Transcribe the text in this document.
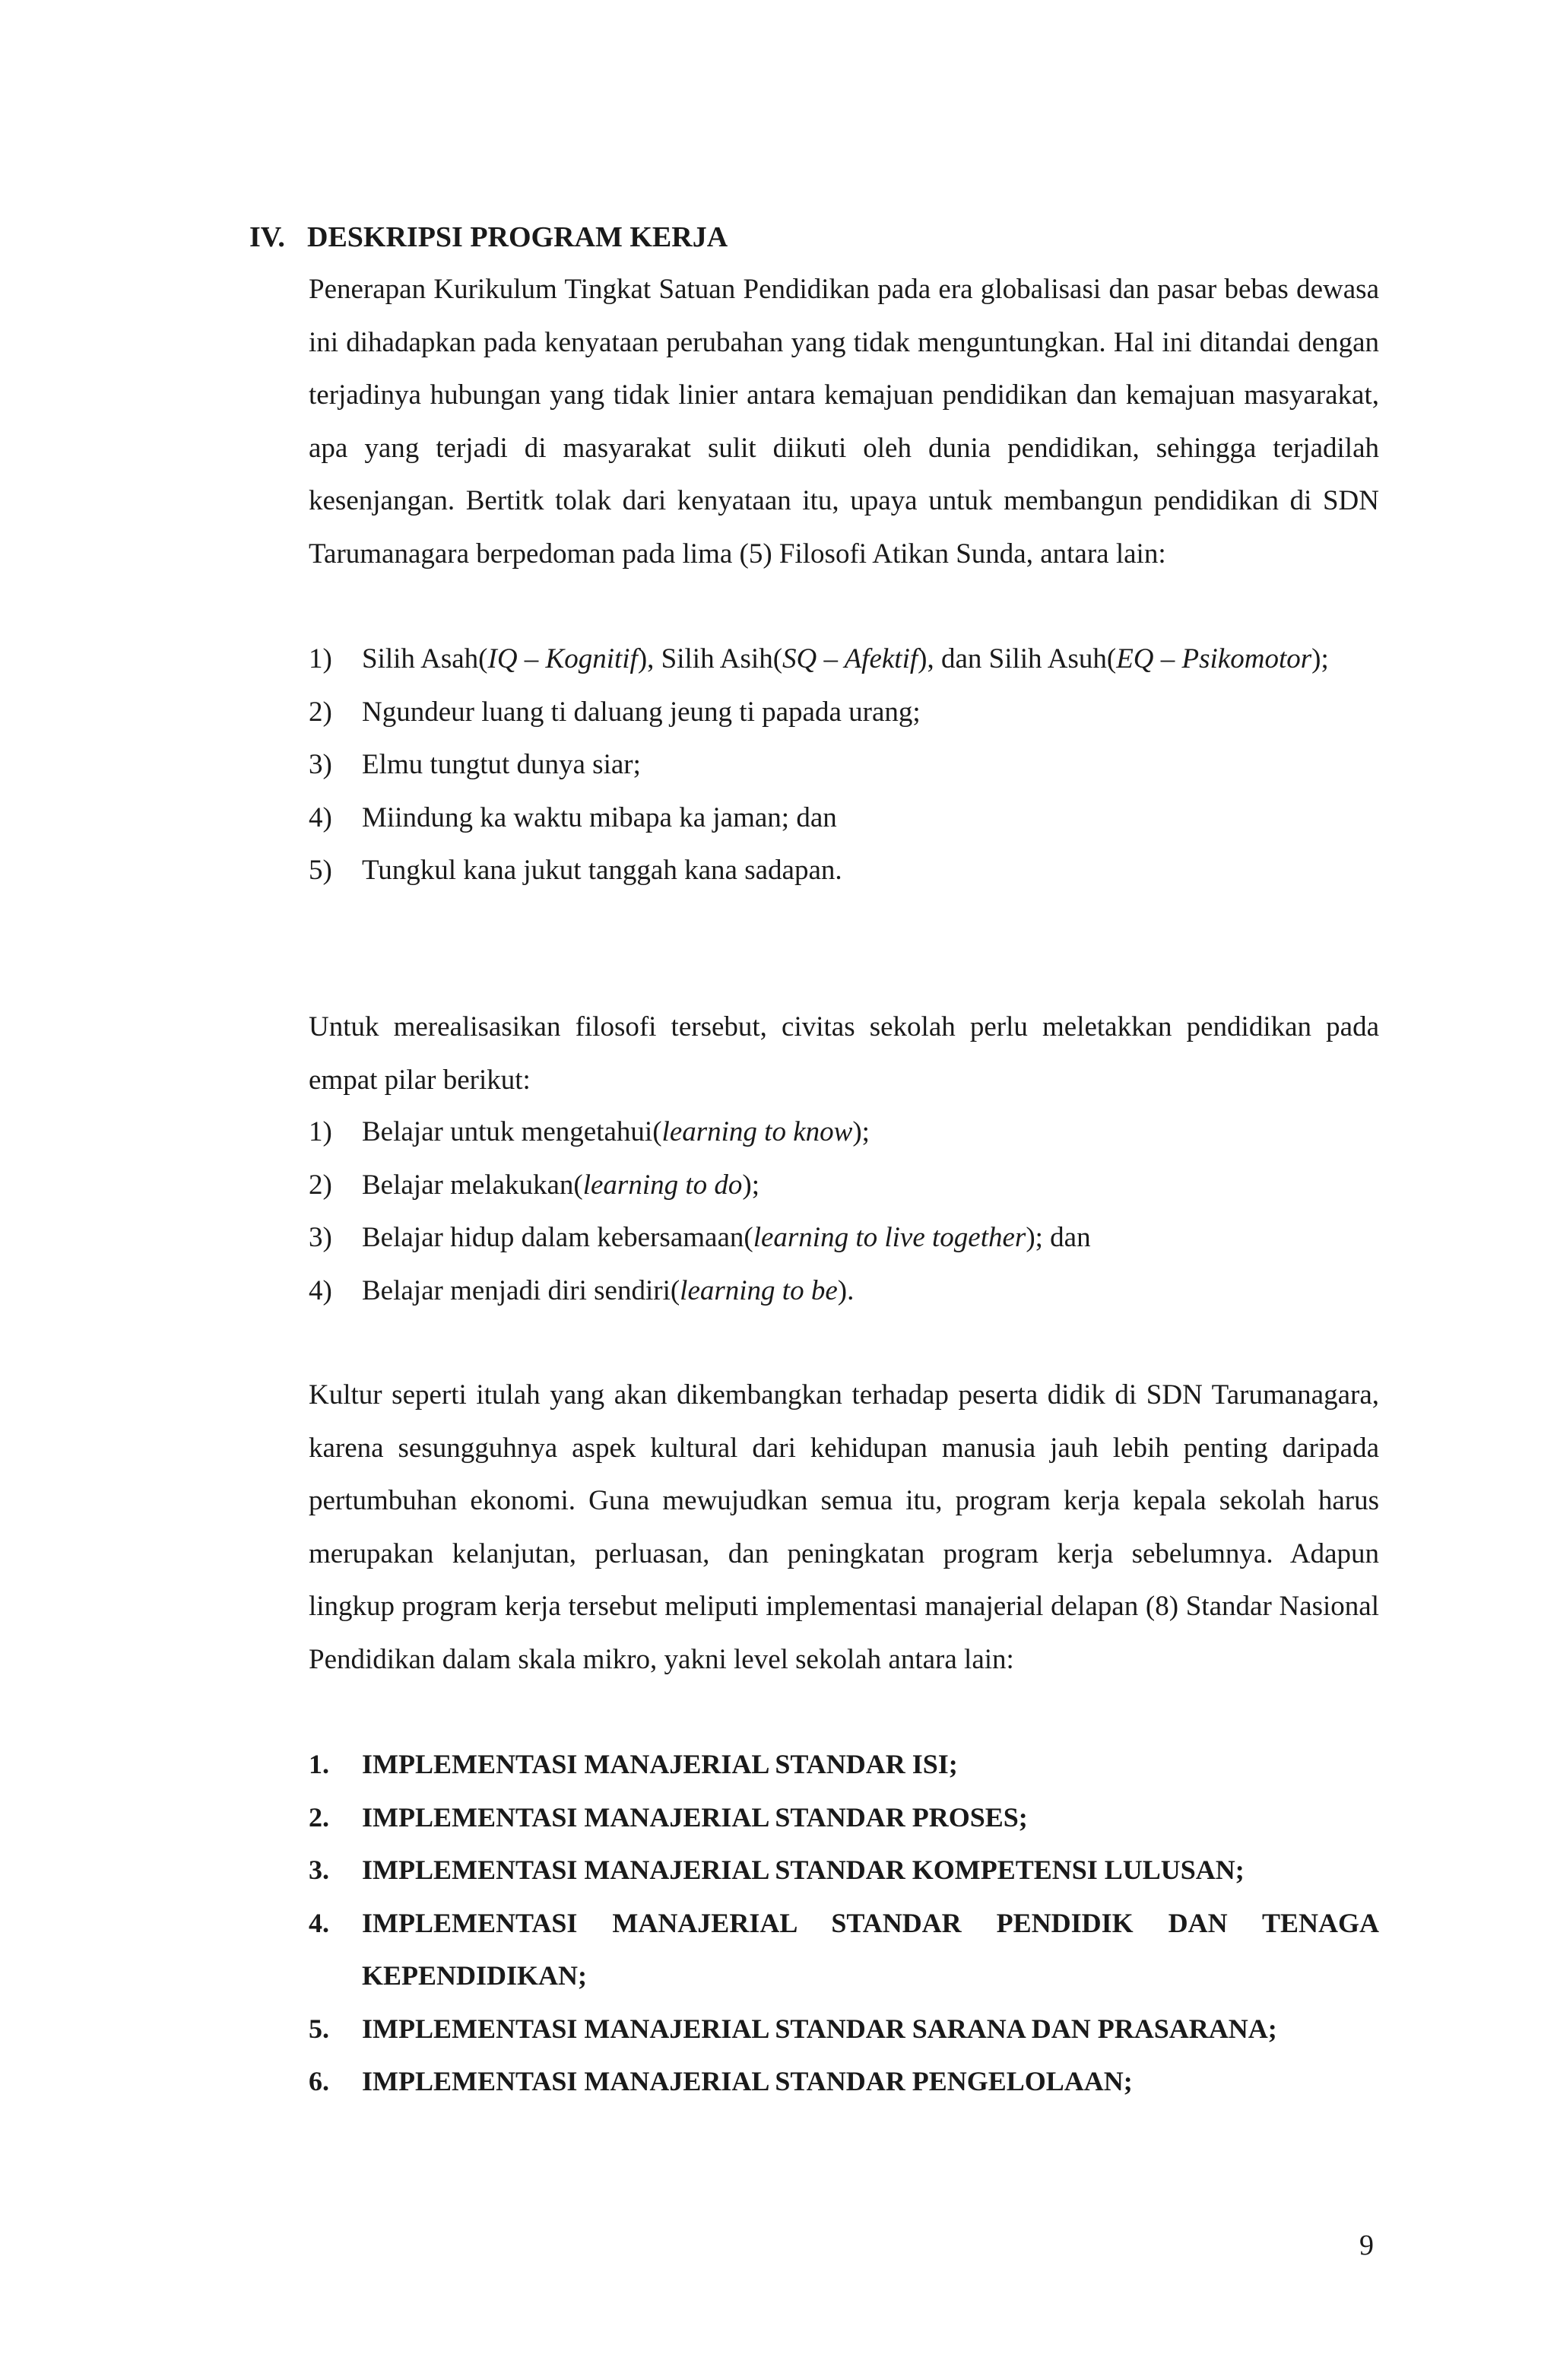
IV. DESKRIPSI PROGRAM KERJA

Penerapan Kurikulum Tingkat Satuan Pendidikan pada era globalisasi dan pasar bebas dewasa ini dihadapkan pada kenyataan perubahan yang tidak menguntungkan. Hal ini ditandai dengan terjadinya hubungan yang tidak linier antara kemajuan pendidikan dan kemajuan masyarakat, apa yang terjadi di masyarakat sulit diikuti oleh dunia pendidikan, sehingga terjadilah kesenjangan. Bertitk tolak dari kenyataan itu, upaya untuk membangun pendidikan di SDN Tarumanagara berpedoman pada lima (5) Filosofi Atikan Sunda, antara lain:

1)	Silih Asah(IQ – Kognitif), Silih Asih(SQ – Afektif), dan Silih Asuh(EQ – Psikomotor);
2)	Ngundeur luang ti daluang jeung ti papada urang;
3)	Elmu tungtut dunya siar;
4)	Miindung ka waktu mibapa ka jaman; dan
5)	Tungkul kana jukut tanggah kana sadapan.

Untuk merealisasikan filosofi tersebut, civitas sekolah perlu meletakkan pendidikan pada empat pilar berikut:

1)	Belajar untuk mengetahui(learning to know);
2)	Belajar melakukan(learning to do);
3)	Belajar hidup dalam kebersamaan(learning to live together); dan
4)	Belajar menjadi diri sendiri(learning to be).

Kultur seperti itulah yang akan dikembangkan terhadap peserta didik di SDN Tarumanagara, karena sesungguhnya aspek kultural dari kehidupan manusia jauh lebih penting daripada pertumbuhan ekonomi. Guna mewujudkan semua itu, program kerja kepala sekolah harus merupakan kelanjutan, perluasan, dan peningkatan program kerja sebelumnya. Adapun lingkup program kerja tersebut meliputi implementasi manajerial delapan (8) Standar Nasional Pendidikan dalam skala mikro, yakni level sekolah antara lain:

1.	IMPLEMENTASI MANAJERIAL STANDAR ISI;
2.	IMPLEMENTASI MANAJERIAL STANDAR PROSES;
3.	IMPLEMENTASI MANAJERIAL STANDAR KOMPETENSI LULUSAN;
4.	IMPLEMENTASI MANAJERIAL STANDAR PENDIDIK DAN TENAGA KEPENDIDIKAN;
5.	IMPLEMENTASI MANAJERIAL STANDAR SARANA DAN PRASARANA;
6.	IMPLEMENTASI MANAJERIAL STANDAR PENGELOLAAN;
9
